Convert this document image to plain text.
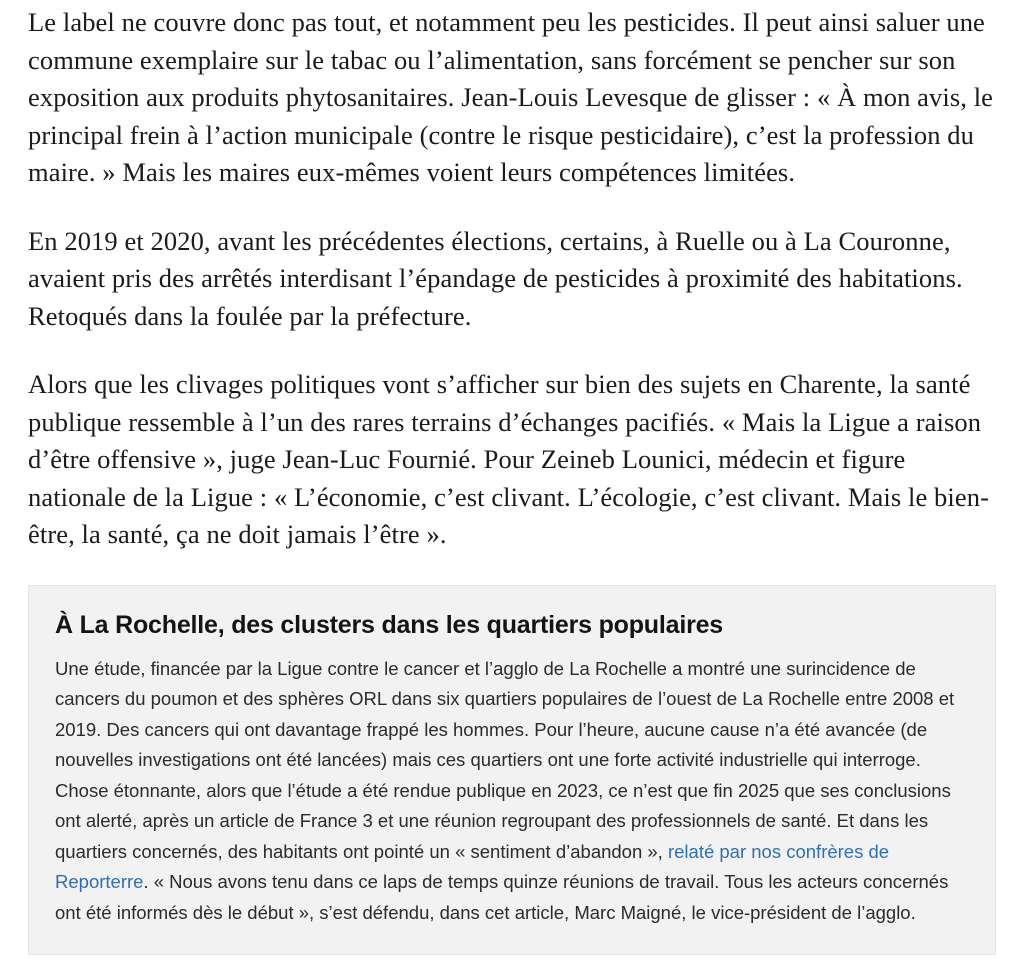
Le label ne couvre donc pas tout, et notamment peu les pesticides. Il peut ainsi saluer une commune exemplaire sur le tabac ou l’alimentation, sans forcément se pencher sur son exposition aux produits phytosanitaires. Jean-Louis Levesque de glisser : « À mon avis, le principal frein à l’action municipale (contre le risque pesticidaire), c’est la profession du maire. » Mais les maires eux-mêmes voient leurs compétences limitées.

En 2019 et 2020, avant les précédentes élections, certains, à Ruelle ou à La Couronne, avaient pris des arrêtés interdisant l’épandage de pesticides à proximité des habitations. Retoqués dans la foulée par la préfecture.

Alors que les clivages politiques vont s’afficher sur bien des sujets en Charente, la santé publique ressemble à l’un des rares terrains d’échanges pacifiés. « Mais la Ligue a raison d’être offensive », juge Jean-Luc Fournié. Pour Zeineb Lounici, médecin et figure nationale de la Ligue : « L’économie, c’est clivant. L’écologie, c’est clivant. Mais le bien-être, la santé, ça ne doit jamais l’être ».

À La Rochelle, des clusters dans les quartiers populaires

Une étude, financée par la Ligue contre le cancer et l’agglo de La Rochelle a montré une surincidence de cancers du poumon et des sphères ORL dans six quartiers populaires de l’ouest de La Rochelle entre 2008 et 2019. Des cancers qui ont davantage frappé les hommes. Pour l’heure, aucune cause n’a été avancée (de nouvelles investigations ont été lancées) mais ces quartiers ont une forte activité industrielle qui interroge. Chose étonnante, alors que l’étude a été rendue publique en 2023, ce n’est que fin 2025 que ses conclusions ont alerté, après un article de France 3 et une réunion regroupant des professionnels de santé. Et dans les quartiers concernés, des habitants ont pointé un « sentiment d’abandon », relaté par nos confrères de Reporterre. « Nous avons tenu dans ce laps de temps quinze réunions de travail. Tous les acteurs concernés ont été informés dès le début », s’est défendu, dans cet article, Marc Maigné, le vice-président de l’agglo.
